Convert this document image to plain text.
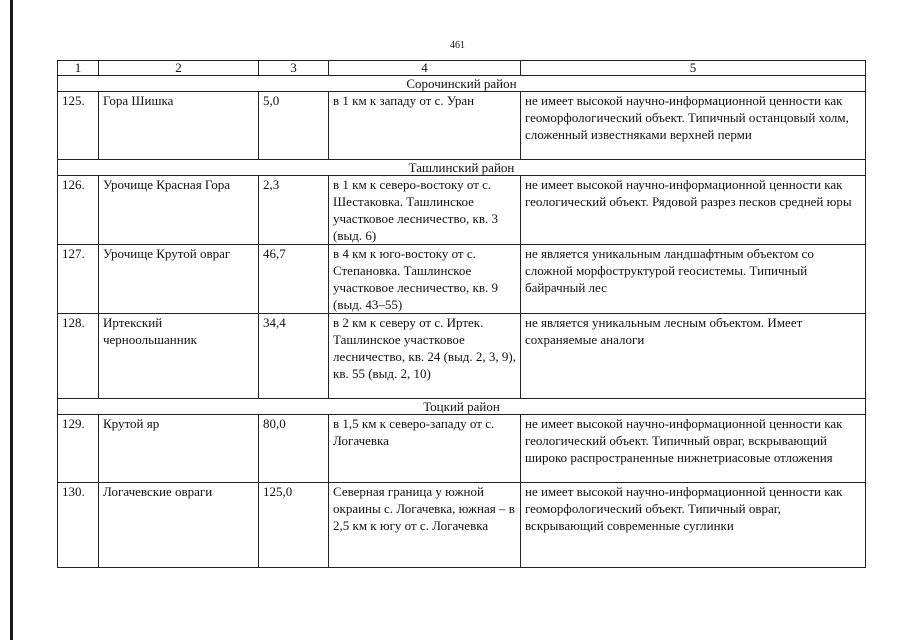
461
1	2	3	4	5
Сорочинский район				
125.	Гора Шишка	5,0	в 1 км к западу от с. Уран	не имеет высокой научно-информационной ценности как геоморфологический объект. Типичный останцовый холм, сложенный известняками верхней перми
Ташлинский район				
126.	Урочище Красная Гора	2,3	в 1 км к северо-востоку от с. Шестаковка. Ташлинское участковое лесничество, кв. 3 (выд. 6)	не имеет высокой научно-информационной ценности как геологический объект. Рядовой разрез песков средней юры
127.	Урочище Крутой овраг	46,7	в 4 км к юго-востоку от с. Степановка. Ташлинское участковое лесничество, кв. 9 (выд. 43–55)	не является уникальным ландшафтным объектом со сложной морфоструктурой геосистемы. Типичный байрачный лес
128.	Иртекский черноольшанник	34,4	в 2 км к северу от с. Иртек. Ташлинское участковое лесничество, кв. 24 (выд. 2, 3, 9), кв. 55 (выд. 2, 10)	не является уникальным лесным объектом. Имеет сохраняемые аналоги
Тоцкий район				
129.	Крутой яр	80,0	в 1,5 км к северо-западу от с. Логачевка	не имеет высокой научно-информационной ценности как геологический объект. Типичный овраг, вскрывающий широко распространенные нижнетриасовые отложения
130.	Логачевские овраги	125,0	Северная граница у южной окраины с. Логачевка, южная – в 2,5 км к югу от с. Логачевка	не имеет высокой научно-информационной ценности как геоморфологический объект. Типичный овраг, вскрывающий современные суглинки
